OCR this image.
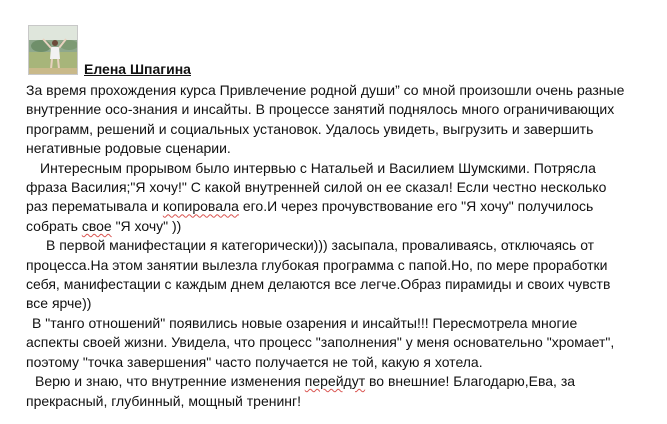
Елена Шпагина

За время прохождения курса Привлечение родной души” со мной произошли очень разные

внутренние осо-знания и инсайты. В процессе занятий поднялось много ограничивающих

программ, решений и социальных установок. Удалось увидеть, выгрузить и завершить

негативные родовые сценарии.

Интересным прорывом было интервью с Натальей и Василием Шумскими. Потрясла

фраза Василия;"Я хочу!" С какой внутренней силой он ее сказал! Если честно несколько

раз перематывала и копировала его.И через прочувствование его "Я хочу" получилось

собрать свое "Я хочу" ))

В первой манифестации я категорически))) засыпала, проваливаясь, отключаясь от

процесса.На этом занятии вылезла глубокая программа с папой.Но, по мере проработки

себя, манифестации с каждым днем делаются все легче.Образ пирамиды и своих чувств

все ярче))

В "танго отношений" появились новые озарения и инсайты!!! Пересмотрела многие

аспекты своей жизни. Увидела, что процесс "заполнения" у меня основательно "хромает",

поэтому "точка завершения" часто получается не той, какую я хотела.

Верю и знаю, что внутренние изменения перейдут во внешние! Благодарю,Ева, за

прекрасный, глубинный, мощный тренинг!
